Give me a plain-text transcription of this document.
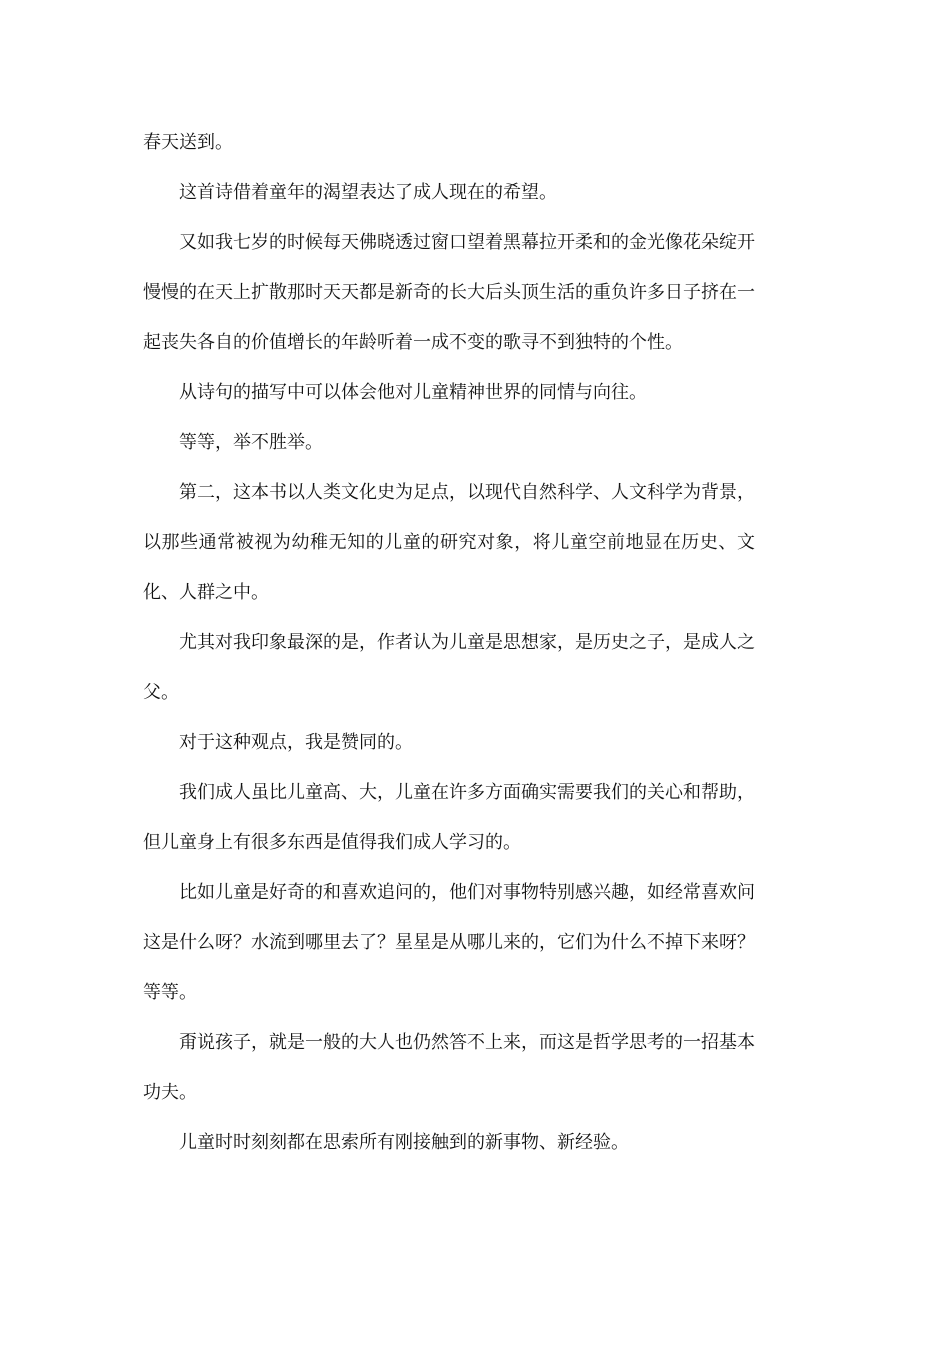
春天送到。

这首诗借着童年的渴望表达了成人现在的希望。

又如我七岁的时候每天佛晓透过窗口望着黑幕拉开柔和的金光像花朵绽开慢慢的在天上扩散那时天天都是新奇的长大后头顶生活的重负许多日子挤在一起丧失各自的价值增长的年龄听着一成不变的歌寻不到独特的个性。

从诗句的描写中可以体会他对儿童精神世界的同情与向往。

等等，举不胜举。

第二，这本书以人类文化史为足点，以现代自然科学、人文科学为背景，以那些通常被视为幼稚无知的儿童的研究对象，将儿童空前地显在历史、文化、人群之中。

尤其对我印象最深的是，作者认为儿童是思想家，是历史之子，是成人之父。

对于这种观点，我是赞同的。

我们成人虽比儿童高、大，儿童在许多方面确实需要我们的关心和帮助，但儿童身上有很多东西是值得我们成人学习的。

比如儿童是好奇的和喜欢追问的，他们对事物特别感兴趣，如经常喜欢问这是什么呀？水流到哪里去了？星星是从哪儿来的，它们为什么不掉下来呀？等等。

甭说孩子，就是一般的大人也仍然答不上来，而这是哲学思考的一招基本功夫。

儿童时时刻刻都在思索所有刚接触到的新事物、新经验。
